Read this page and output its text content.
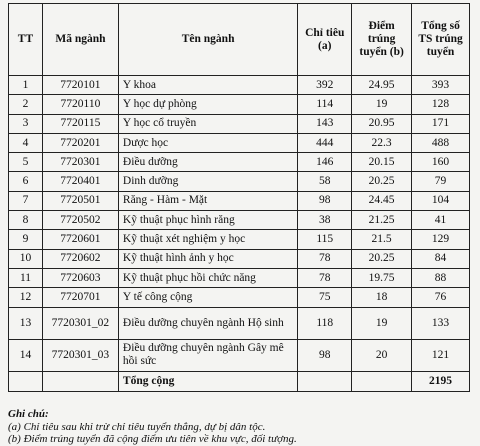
TT	Mã ngành	Tên ngành	Chỉ tiêu (a)	Điểm trúng tuyển (b)	Tổng số TS trúng tuyển
1	7720101	Y khoa	392	24.95	393
2	7720110	Y học dự phòng	114	19	128
3	7720115	Y học cổ truyền	143	20.95	171
4	7720201	Dược học	444	22.3	488
5	7720301	Điều dưỡng	146	20.15	160
6	7720401	Dinh dưỡng	58	20.25	79
7	7720501	Răng - Hàm - Mặt	98	24.45	104
8	7720502	Kỹ thuật phục hình răng	38	21.25	41
9	7720601	Kỹ thuật xét nghiệm y học	115	21.5	129
10	7720602	Kỹ thuật hình ảnh y học	78	20.25	84
11	7720603	Kỹ thuật phục hồi chức năng	78	19.75	88
12	7720701	Y tế công cộng	75	18	76
13	7720301_02	Điều dưỡng chuyên ngành Hộ sinh	118	19	133
14	7720301_03	Điều dưỡng chuyên ngành Gây mê hồi sức	98	20	121
		Tổng cộng			2195
Ghi chú:
(a) Chỉ tiêu sau khi trừ chỉ tiêu tuyển thẳng, dự bị dân tộc.
(b) Điểm trúng tuyển đã cộng điểm ưu tiên về khu vực, đối tượng.
